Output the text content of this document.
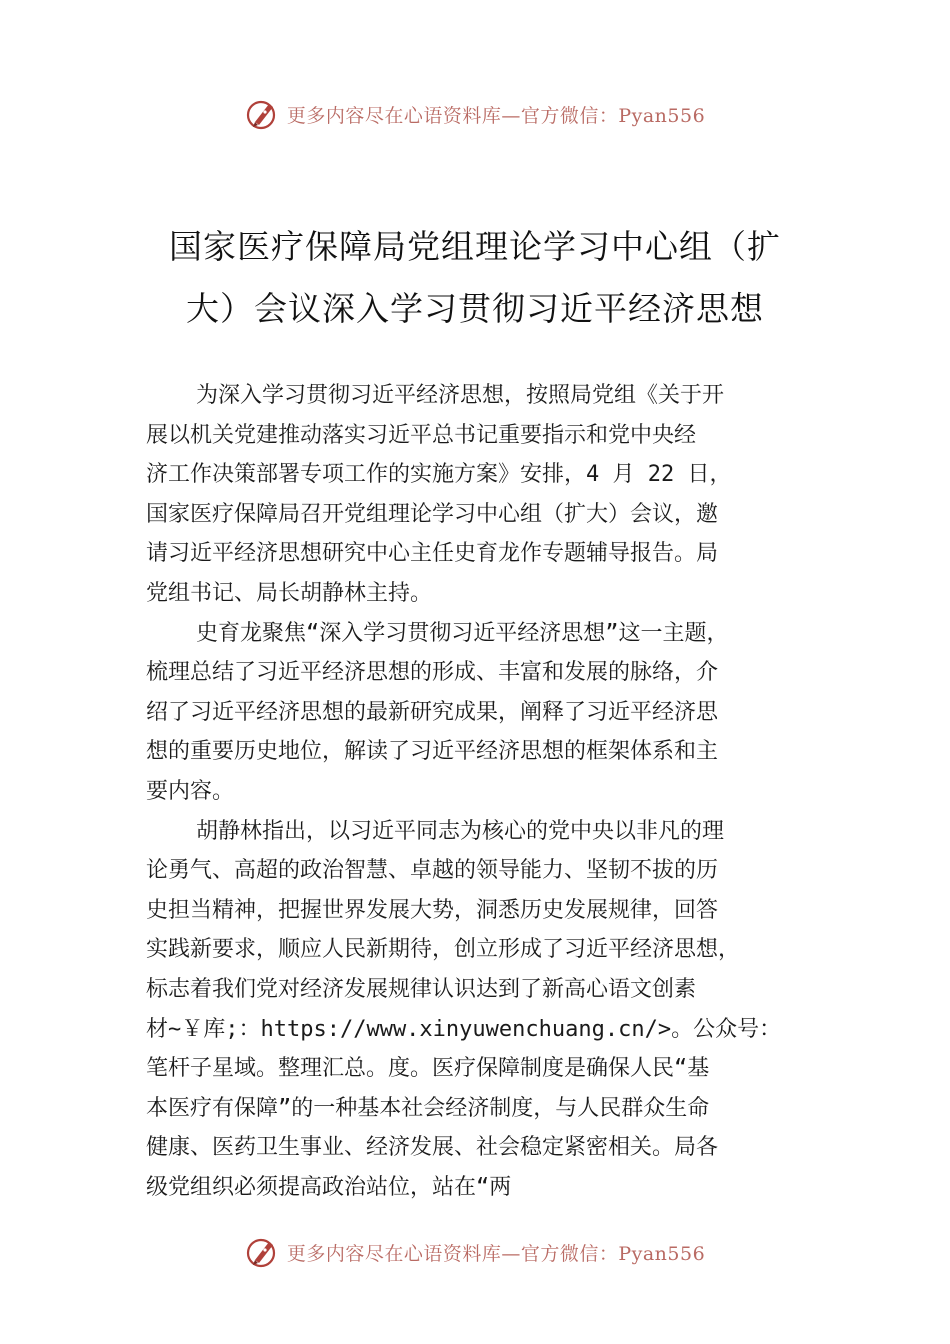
更多内容尽在心语资料库—官方微信：Pyan556
国家医疗保障局党组理论学习中心组（扩
大）会议深入学习贯彻习近平经济思想
为深入学习贯彻习近平经济思想，按照局党组《关于开
展以机关党建推动落实习近平总书记重要指示和党中央经
济工作决策部署专项工作的实施方案》安排，4 月 22 日，
国家医疗保障局召开党组理论学习中心组（扩大）会议，邀
请习近平经济思想研究中心主任史育龙作专题辅导报告。局
党组书记、局长胡静林主持。
史育龙聚焦“深入学习贯彻习近平经济思想”这一主题，
梳理总结了习近平经济思想的形成、丰富和发展的脉络，介
绍了习近平经济思想的最新研究成果，阐释了习近平经济思
想的重要历史地位，解读了习近平经济思想的框架体系和主
要内容。
胡静林指出，以习近平同志为核心的党中央以非凡的理
论勇气、高超的政治智慧、卓越的领导能力、坚韧不拔的历
史担当精神，把握世界发展大势，洞悉历史发展规律，回答
实践新要求，顺应人民新期待，创立形成了习近平经济思想，
标志着我们党对经济发展规律认识达到了新高心语文创素
材~￥库;：https://www.xinyuwenchuang.cn/>。公众号：
笔杆子星域。整理汇总。度。医疗保障制度是确保人民“基
本医疗有保障”的一种基本社会经济制度，与人民群众生命
健康、医药卫生事业、经济发展、社会稳定紧密相关。局各
级党组织必须提高政治站位，站在“两
更多内容尽在心语资料库—官方微信：Pyan556
